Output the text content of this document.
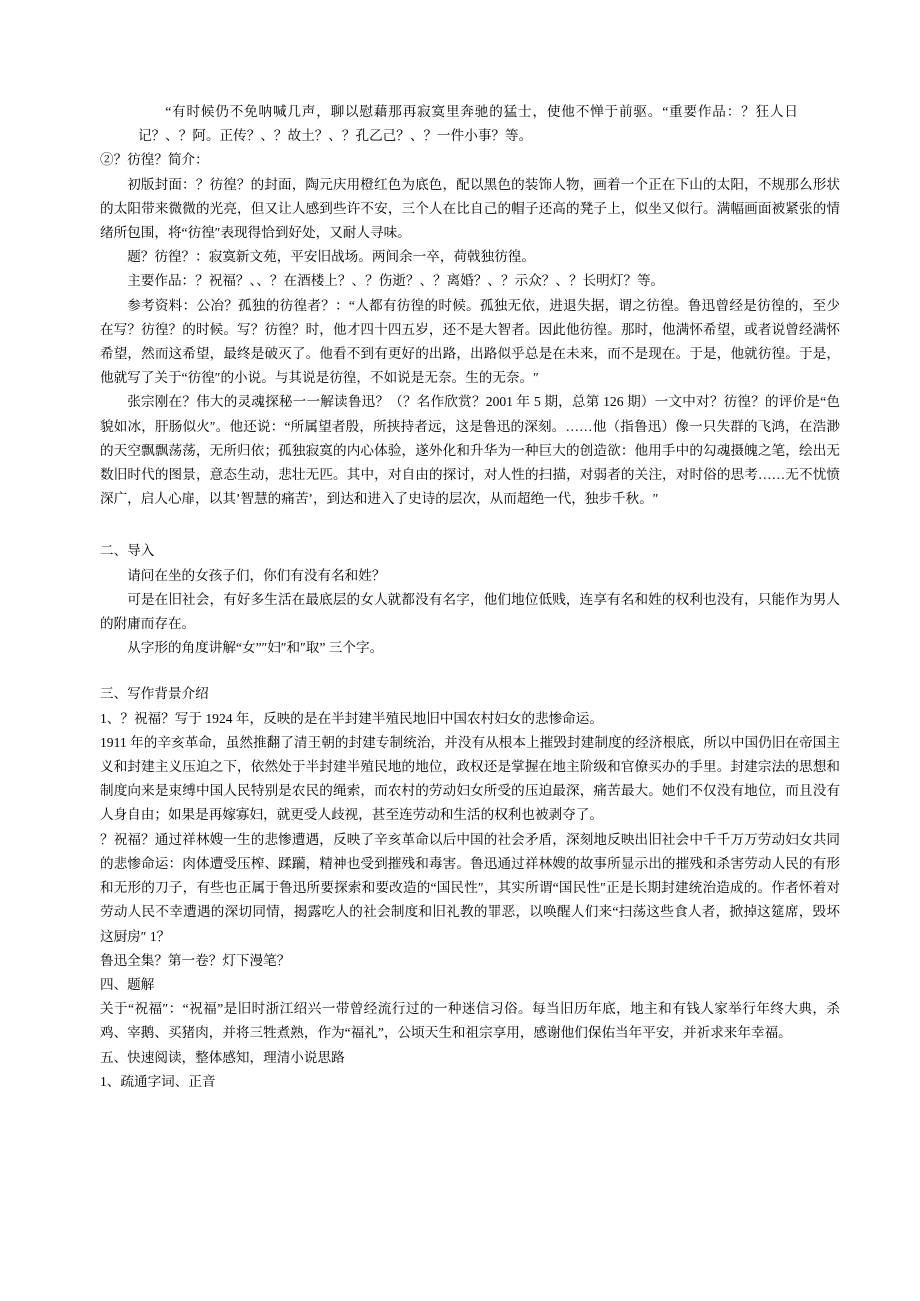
“有时候仍不免呐喊几声，聊以慰藉那再寂寞里奔驰的猛士，使他不惮于前驱。“重要作品：？狂人日记？、？阿。正传？、？故土？、？孔乙己？、？一件小事？等。

②？彷徨？简介：

初版封面：？彷徨？的封面，陶元庆用橙红色为底色，配以黑色的装饰人物，画着一个正在下山的太阳，不规那么形状的太阳带来微微的光亮，但又让人感到些许不安，三个人在比自己的帽子还高的凳子上，似坐又似行。满幅画面被紧张的情绪所包围，将“彷徨″表现得恰到好处，又耐人寻味。

题？彷徨？：寂寞新文苑，平安旧战场。两间余一卒，荷戟独彷徨。

主要作品：？祝福？、、？在酒楼上？、？伤逝？、？离婚？、？示众？、？长明灯？等。

参考资料：公冶？孤独的彷徨者？：“人都有彷徨的时候。孤独无依，进退失据，谓之彷徨。鲁迅曾经是彷徨的，至少在写？彷徨？的时候。写？彷徨？时，他才四十四五岁，还不是大智者。因此他彷徨。那时，他满怀希望，或者说曾经满怀希望，然而这希望，最终是破灭了。他看不到有更好的出路，出路似乎总是在未来，而不是现在。于是，他就彷徨。于是，他就写了关于“彷徨″的小说。与其说是彷徨，不如说是无奈。生的无奈。″

张宗刚在？伟大的灵魂探秘一一解读鲁迅？（？名作欣赏？2001 年 5 期，总第 126 期）一文中对？彷徨？的评价是“色貌如冰，肝肠似火″。他还说：“所属望者殷，所挟持者远，这是鲁迅的深刻。……他（指鲁迅）像一只失群的飞鸿，在浩渺的天空飘飘荡荡，无所归依；孤独寂寞的内心体验，遂外化和升华为一种巨大的创造欲：他用手中的勾魂摄魄之笔，绘出无数旧时代的图景，意态生动，悲壮无匹。其中，对自由的探讨，对人性的扫描，对弱者的关注，对时俗的思考……无不忧愤深广，启人心扉，以其’智慧的痛苦’，到达和进入了史诗的层次，从而超绝一代，独步千秋。″

二、导入

请问在坐的女孩子们，你们有没有名和姓？

可是在旧社会，有好多生活在最底层的女人就都没有名字，他们地位低贱，连享有名和姓的权利也没有，只能作为男人的附庸而存在。

从字形的角度讲解“女”″妇″和″取” 三个字。

三、写作背景介绍

1、？祝福？写于 1924 年，反映的是在半封建半殖民地旧中国农村妇女的悲惨命运。

1911 年的辛亥革命，虽然推翻了清王朝的封建专制统治，并没有从根本上摧毁封建制度的经济根底，所以中国仍旧在帝国主义和封建主义压迫之下，依然处于半封建半殖民地的地位，政权还是掌握在地主阶级和官僚买办的手里。封建宗法的思想和制度向来是束缚中国人民特别是农民的绳索，而农村的劳动妇女所受的压迫最深，痛苦最大。她们不仅没有地位，而且没有人身自由；如果是再嫁寡妇，就更受人歧视，甚至连劳动和生活的权利也被剥夺了。

？祝福？通过祥林嫂一生的悲惨遭遇，反映了辛亥革命以后中国的社会矛盾，深刻地反映出旧社会中千千万万劳动妇女共同的悲惨命运：肉体遭受压榨、蹂躏，精神也受到摧残和毒害。鲁迅通过祥林嫂的故事所显示出的摧残和杀害劳动人民的有形和无形的刀子，有些也正属于鲁迅所要探索和要改造的“国民性″，其实所谓“国民性″正是长期封建统治造成的。作者怀着对劳动人民不幸遭遇的深切同情，揭露吃人的社会制度和旧礼教的罪恶，以唤醒人们来“扫荡这些食人者，掀掉这筵席，毁坏这厨房″ 1？

鲁迅全集？第一卷？灯下漫笔？

四、题解

关于“祝福″：“祝福”是旧时浙江绍兴一带曾经流行过的一种迷信习俗。每当旧历年底，地主和有钱人家举行年终大典，杀鸡、宰鹅、买猪肉，并将三牲煮熟，作为“福礼”，公顷天生和祖宗享用，感谢他们保佑当年平安，并祈求来年幸福。

五、快速阅读，整体感知，理清小说思路

1、疏通字词、正音
